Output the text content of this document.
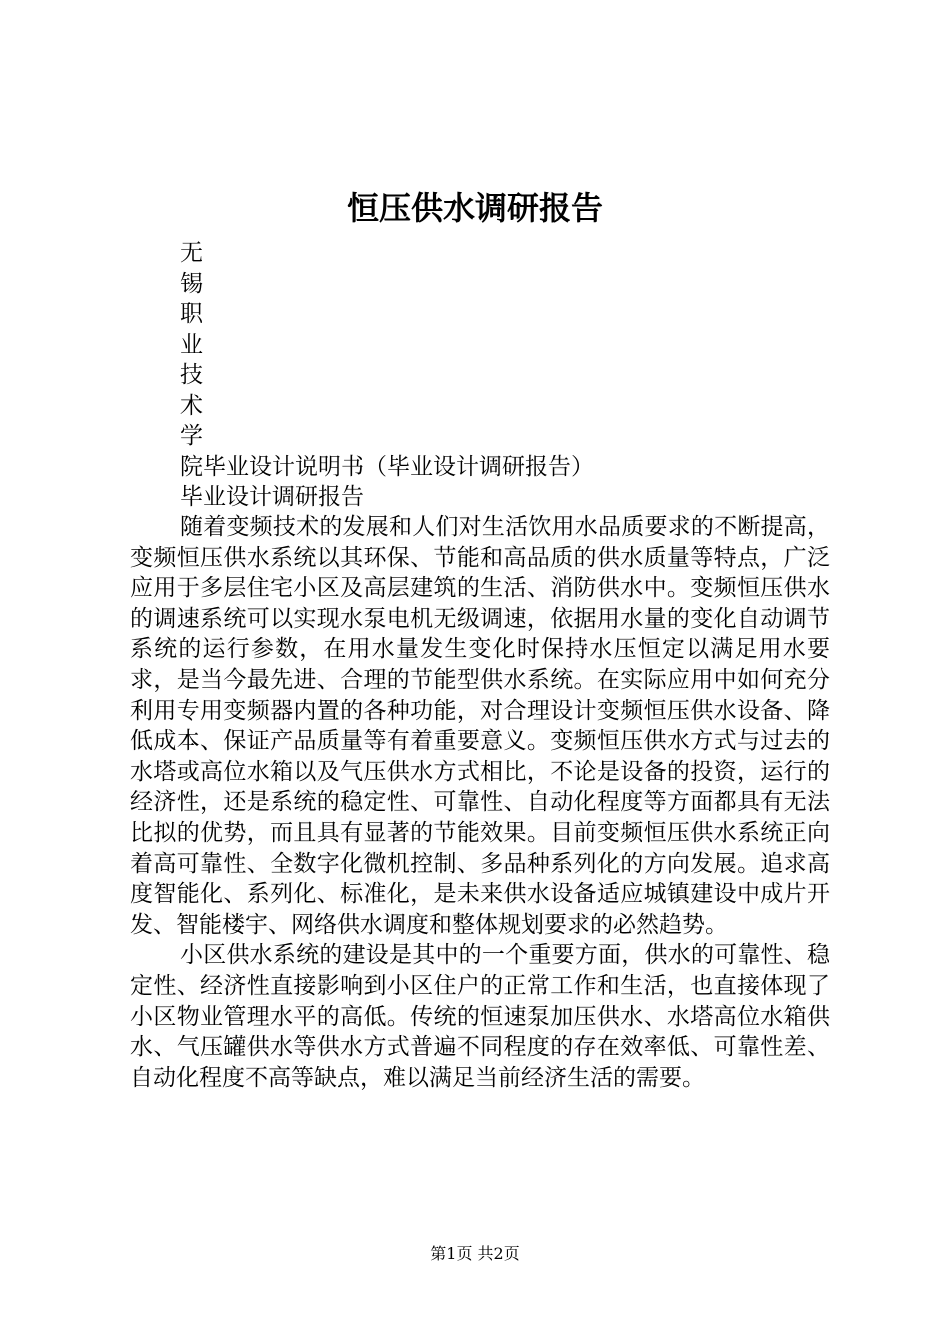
恒压供水调研报告
无
锡
职
业
技
术
学
院毕业设计说明书（毕业设计调研报告）
毕业设计调研报告

随着变频技术的发展和人们对生活饮用水品质要求的不断提高，变频恒压供水系统以其环保、节能和高品质的供水质量等特点，广泛应用于多层住宅小区及高层建筑的生活、消防供水中。变频恒压供水的调速系统可以实现水泵电机无级调速，依据用水量的变化自动调节系统的运行参数，在用水量发生变化时保持水压恒定以满足用水要求，是当今最先进、合理的节能型供水系统。在实际应用中如何充分利用专用变频器内置的各种功能，对合理设计变频恒压供水设备、降低成本、保证产品质量等有着重要意义。变频恒压供水方式与过去的水塔或高位水箱以及气压供水方式相比，不论是设备的投资，运行的经济性，还是系统的稳定性、可靠性、自动化程度等方面都具有无法比拟的优势，而且具有显著的节能效果。目前变频恒压供水系统正向着高可靠性、全数字化微机控制、多品种系列化的方向发展。追求高度智能化、系列化、标准化，是未来供水设备适应城镇建设中成片开发、智能楼宇、网络供水调度和整体规划要求的必然趋势。

小区供水系统的建设是其中的一个重要方面，供水的可靠性、稳定性、经济性直接影响到小区住户的正常工作和生活，也直接体现了小区物业管理水平的高低。传统的恒速泵加压供水、水塔高位水箱供水、气压罐供水等供水方式普遍不同程度的存在效率低、可靠性差、自动化程度不高等缺点，难以满足当前经济生活的需要。

第1页 共2页
